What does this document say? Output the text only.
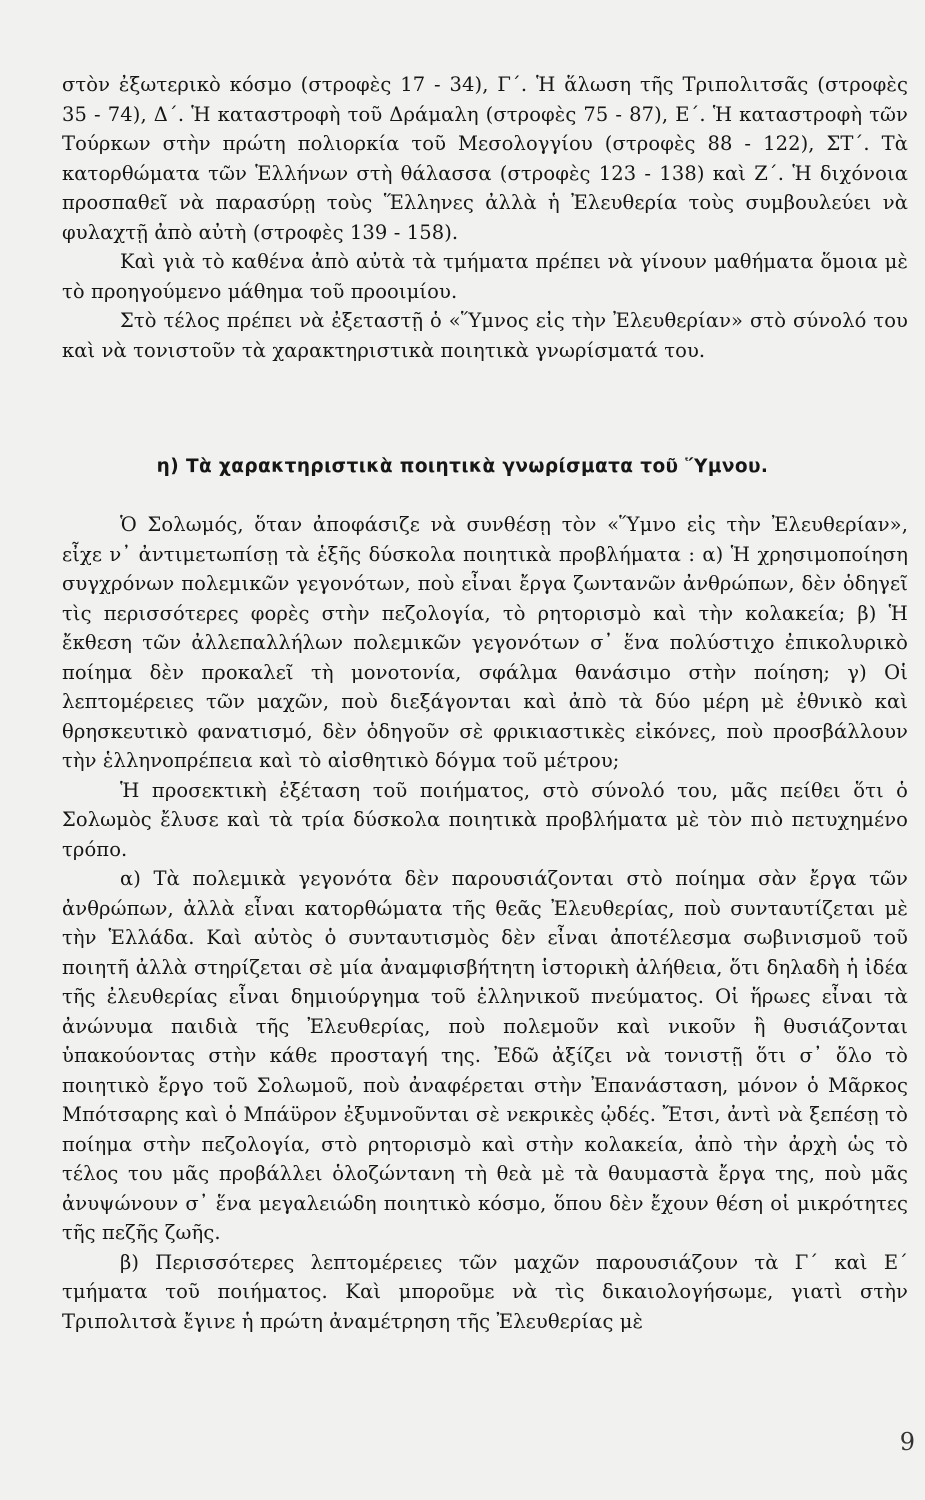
στὸν ἐξωτερικὸ κόσμο (στροφὲς 17 - 34), Γ΄. Ἡ ἅλωση τῆς Τριπολιτσᾶς (στροφὲς 35 - 74), Δ΄. Ἡ καταστροφὴ τοῦ Δράμαλη (στροφὲς 75 - 87), Ε΄. Ἡ καταστροφὴ τῶν Τούρκων στὴν πρώτη πολιορκία τοῦ Μεσολογγίου (στροφὲς 88 - 122), ΣΤ΄. Τὰ κατορθώματα τῶν Ἑλλήνων στὴ θάλασσα (στροφὲς 123 - 138) καὶ Ζ΄. Ἡ διχόνοια προσπαθεῖ νὰ παρασύρῃ τοὺς Ἕλληνες ἀλλὰ ἡ Ἐλευθερία τοὺς συμβουλεύει νὰ φυλαχτῇ ἀπὸ αὐτὴ (στροφὲς 139 - 158).

Καὶ γιὰ τὸ καθένα ἀπὸ αὐτὰ τὰ τμήματα πρέπει νὰ γίνουν μαθήματα ὅμοια μὲ τὸ προηγούμενο μάθημα τοῦ προοιμίου.

Στὸ τέλος πρέπει νὰ ἐξεταστῇ ὁ «Ὕμνος εἰς τὴν Ἐλευθερίαν» στὸ σύνολό του καὶ νὰ τονιστοῦν τὰ χαρακτηριστικὰ ποιητικὰ γνωρίσματά του.

η) Τὰ χαρακτηριστικὰ ποιητικὰ γνωρίσματα τοῦ Ὕμνου.

Ὁ Σολωμός, ὅταν ἀποφάσιζε νὰ συνθέσῃ τὸν «Ὕμνο εἰς τὴν Ἐλευθερίαν», εἶχε ν᾽ ἀντιμετωπίσῃ τὰ ἑξῆς δύσκολα ποιητικὰ προβλήματα : α) Ἡ χρησιμοποίηση συγχρόνων πολεμικῶν γεγονότων, ποὺ εἶναι ἔργα ζωντανῶν ἀνθρώπων, δὲν ὁδηγεῖ τὶς περισσότερες φορὲς στὴν πεζολογία, τὸ ρητορισμὸ καὶ τὴν κολακεία; β) Ἡ ἔκθεση τῶν ἀλλεπαλλήλων πολεμικῶν γεγονότων σ᾽ ἕνα πολύστιχο ἐπικολυρικὸ ποίημα δὲν προκαλεῖ τὴ μονοτονία, σφάλμα θανάσιμο στὴν ποίηση; γ) Οἱ λεπτομέρειες τῶν μαχῶν, ποὺ διεξάγονται καὶ ἀπὸ τὰ δύο μέρη μὲ ἐθνικὸ καὶ θρησκευτικὸ φανατισμό, δὲν ὁδηγοῦν σὲ φρικιαστικὲς εἰκόνες, ποὺ προσβάλλουν τὴν ἑλληνοπρέπεια καὶ τὸ αἰσθητικὸ δόγμα τοῦ μέτρου;

Ἡ προσεκτικὴ ἐξέταση τοῦ ποιήματος, στὸ σύνολό του, μᾶς πείθει ὅτι ὁ Σολωμὸς ἔλυσε καὶ τὰ τρία δύσκολα ποιητικὰ προβλήματα μὲ τὸν πιὸ πετυχημένο τρόπο.

α) Τὰ πολεμικὰ γεγονότα δὲν παρουσιάζονται στὸ ποίημα σὰν ἔργα τῶν ἀνθρώπων, ἀλλὰ εἶναι κατορθώματα τῆς θεᾶς Ἐλευθερίας, ποὺ συνταυτίζεται μὲ τὴν Ἑλλάδα. Καὶ αὐτὸς ὁ συνταυτισμὸς δὲν εἶναι ἀποτέλεσμα σωβινισμοῦ τοῦ ποιητῆ ἀλλὰ στηρίζεται σὲ μία ἀναμφισβήτητη ἱστορικὴ ἀλήθεια, ὅτι δηλαδὴ ἡ ἰδέα τῆς ἐλευθερίας εἶναι δημιούργημα τοῦ ἑλληνικοῦ πνεύματος. Οἱ ἥρωες εἶναι τὰ ἀνώνυμα παιδιὰ τῆς Ἐλευθερίας, ποὺ πολεμοῦν καὶ νικοῦν ἢ θυσιάζονται ὑπακούοντας στὴν κάθε προσταγή της. Ἐδῶ ἀξίζει νὰ τονιστῇ ὅτι σ᾽ ὅλο τὸ ποιητικὸ ἔργο τοῦ Σολωμοῦ, ποὺ ἀναφέρεται στὴν Ἐπανάσταση, μόνον ὁ Μᾶρκος Μπότσαρης καὶ ὁ Μπάϋρον ἐξυμνοῦνται σὲ νεκρικὲς ᾠδές. Ἔτσι, ἀντὶ νὰ ξεπέσῃ τὸ ποίημα στὴν πεζολογία, στὸ ρητορισμὸ καὶ στὴν κολακεία, ἀπὸ τὴν ἀρχὴ ὡς τὸ τέλος του μᾶς προβάλλει ὁλοζώντανη τὴ θεὰ μὲ τὰ θαυμαστὰ ἔργα της, ποὺ μᾶς ἀνυψώνουν σ᾽ ἕνα μεγαλειώδη ποιητικὸ κόσμο, ὅπου δὲν ἔχουν θέση οἱ μικρότητες τῆς πεζῆς ζωῆς.

β) Περισσότερες λεπτομέρειες τῶν μαχῶν παρουσιάζουν τὰ Γ΄ καὶ Ε΄ τμήματα τοῦ ποιήματος. Καὶ μποροῦμε νὰ τὶς δικαιολογήσωμε, γιατὶ στὴν Τριπολιτσὰ ἔγινε ἡ πρώτη ἀναμέτρηση τῆς Ἐλευθερίας μὲ

9
